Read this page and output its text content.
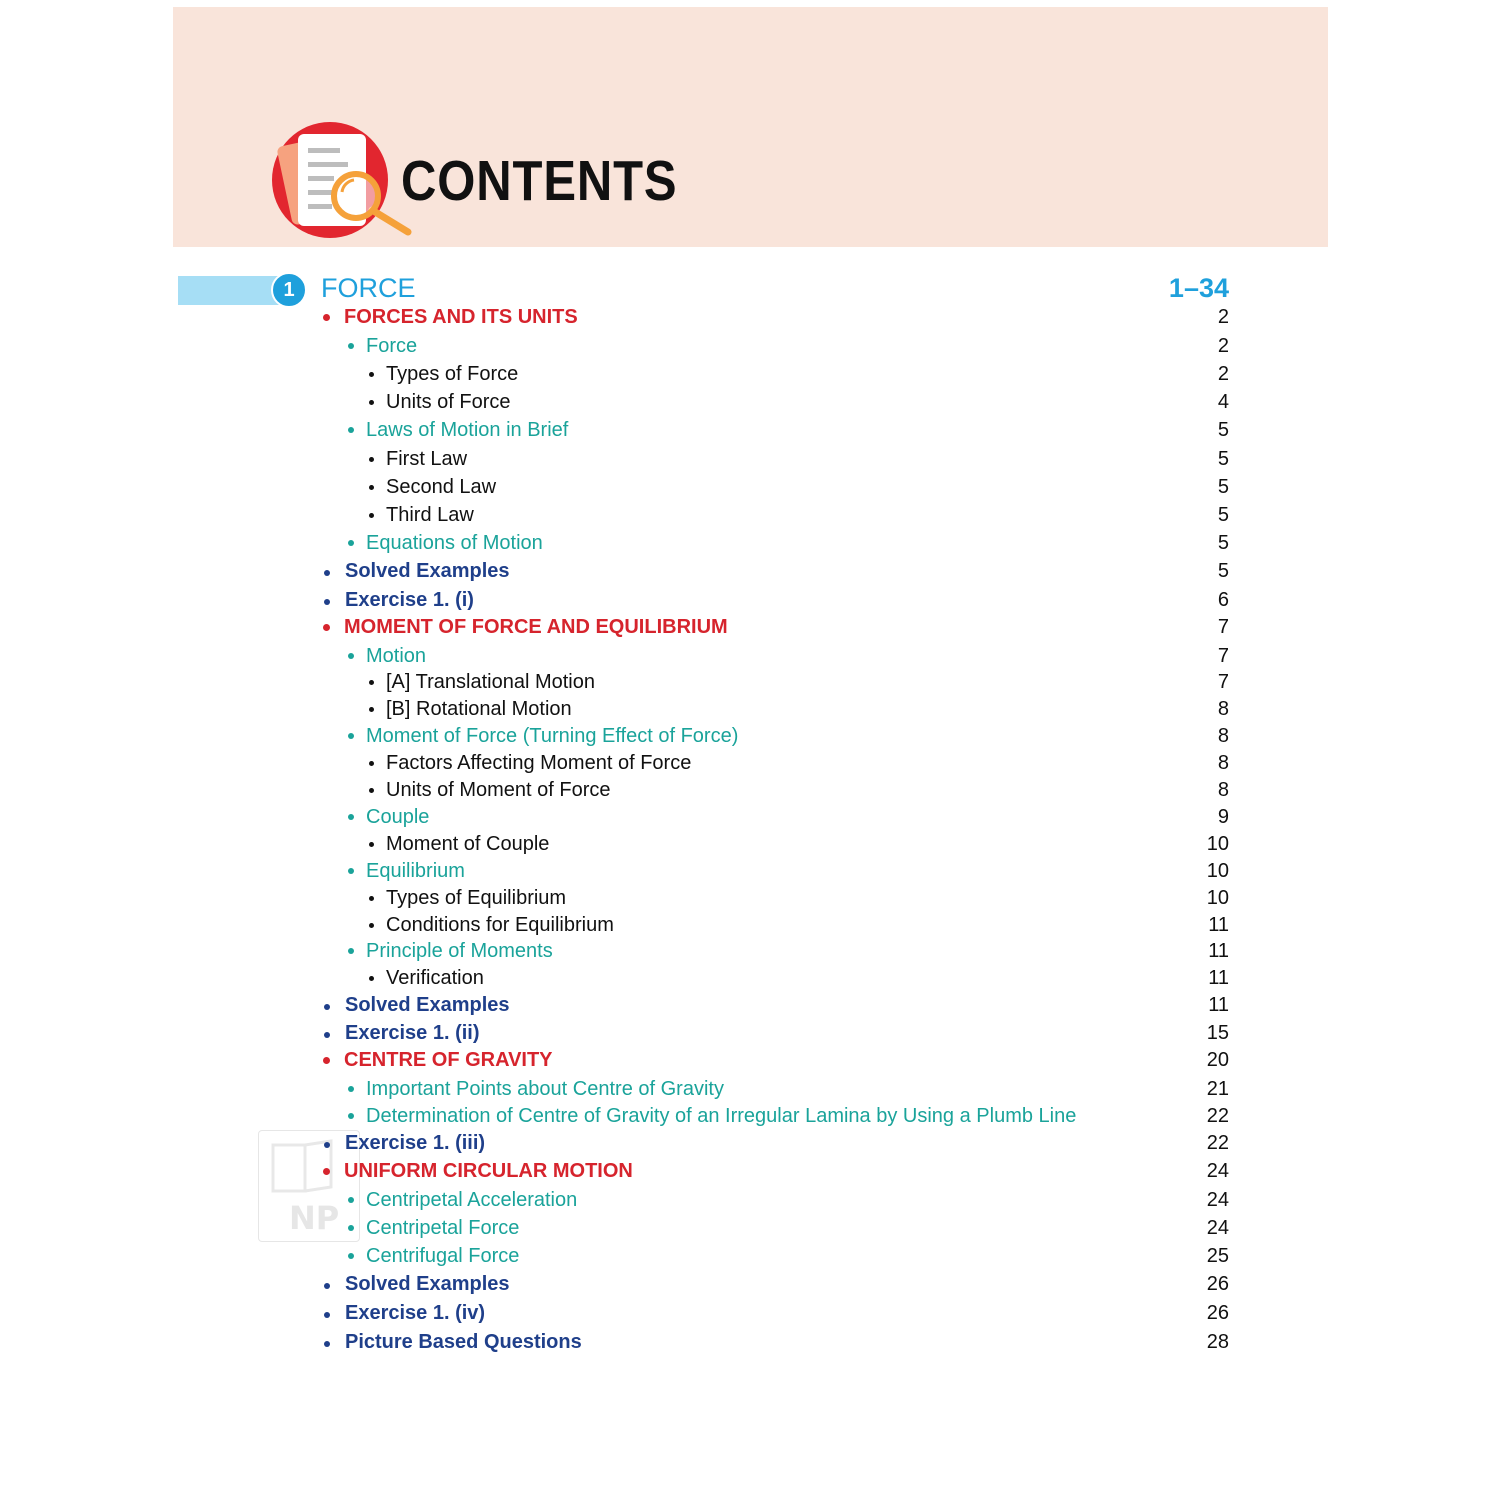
CONTENTS
1 FORCE	1–34
NP
FORCES AND ITS UNITS	2
Force	2
Types of Force	2
Units of Force	4
Laws of Motion in Brief	5
First Law	5
Second Law	5
Third Law	5
Equations of Motion	5
Solved Examples	5
Exercise 1. (i)	6
MOMENT OF FORCE AND EQUILIBRIUM	7
Motion	7
[A] Translational Motion	7
[B] Rotational Motion	8
Moment of Force (Turning Effect of Force)	8
Factors Affecting Moment of Force	8
Units of Moment of Force	8
Couple	9
Moment of Couple	10
Equilibrium	10
Types of Equilibrium	10
Conditions for Equilibrium	11
Principle of Moments	11
Verification	11
Solved Examples	11
Exercise 1. (ii)	15
CENTRE OF GRAVITY	20
Important Points about Centre of Gravity	21
Determination of Centre of Gravity of an Irregular Lamina by Using a Plumb Line	22
Exercise 1. (iii)	22
UNIFORM CIRCULAR MOTION	24
Centripetal Acceleration	24
Centripetal Force	24
Centrifugal Force	25
Solved Examples	26
Exercise 1. (iv)	26
Picture Based Questions	28
